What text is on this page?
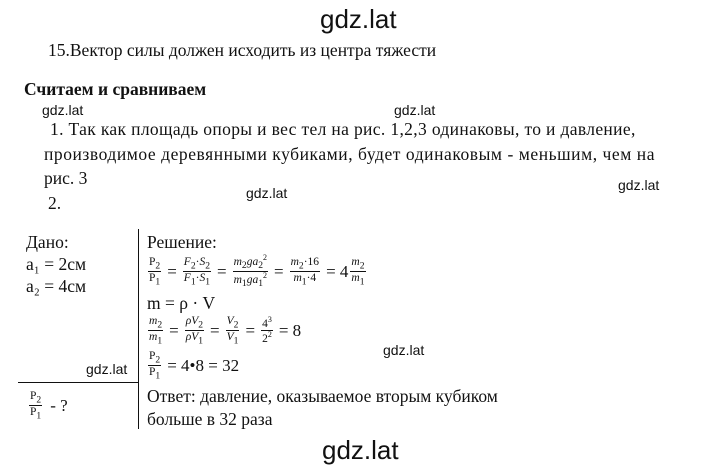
gdz.lat
gdz.lat	gdz.lat
gdz.lat	gdz.lat
gdz.lat
gdz.lat
gdz.lat
15.Вектор силы должен исходить из центра тяжести
Считаем и сравниваем
1. Так как площадь опоры и вес тел на рис. 1,2,3 одинаковы, то и давление,
производимое деревянными кубиками, будет одинаковым - меньшим, чем на
рис. 3
2.
Дано:
a₁ = 2см
a₂ = 4см
$\frac{P_2}{P_1}$ - ?
Решение:
$\frac{P_2}{P_1} = \frac{F_2\cdot S_2}{F_1\cdot S_1} = \frac{m_2ga_2^2}{m_1ga_1^2} = \frac{m_2\cdot 16}{m_1\cdot 4} = 4 \frac{m_2}{m_1}$
m = ρ · V
$\frac{m_2}{m_1} = \frac{\rho V_2}{\rho V_1} = \frac{V_2}{V_1} = \frac{4^3}{2^2} = 8$
$\frac{P_2}{P_1}$ = 4•8 = 32
Ответ: давление, оказываемое вторым кубиком
больше в 32 раза
